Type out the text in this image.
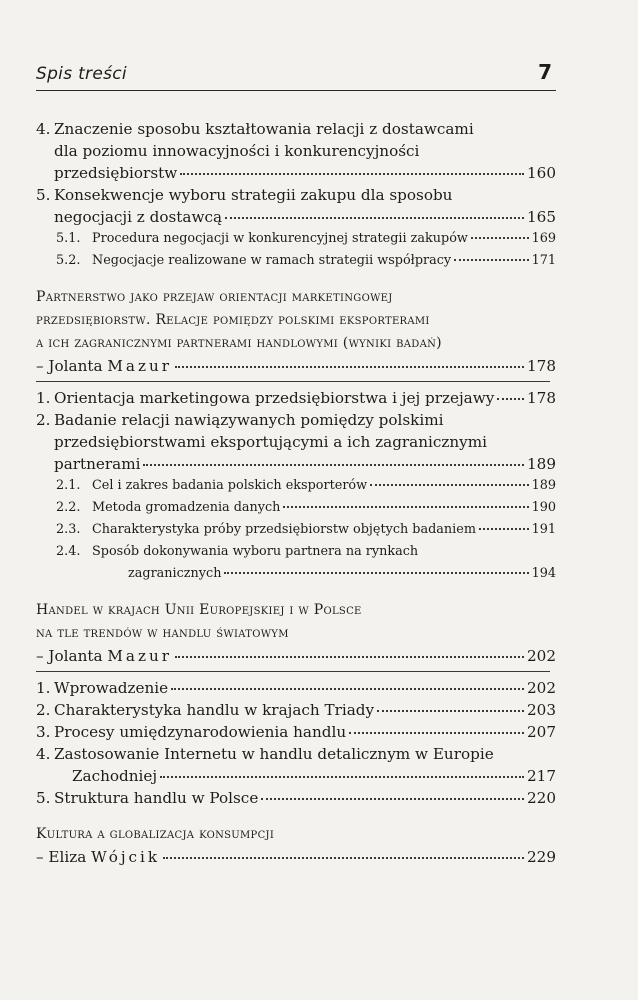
Spis treści	7
4. Znaczenie sposobu kształtowania relacji z dostawcami
dla poziomu innowacyjności i konkurencyjności
przedsiębiorstw	160
5. Konsekwencje wyboru strategii zakupu dla sposobu
negocjacji z dostawcą	165
5.1. Procedura negocjacji w konkurencyjnej strategii zakupów	169
5.2. Negocjacje realizowane w ramach strategii współpracy	171
Partnerstwo jako przejaw orientacji marketingowej
przedsiębiorstw. Relacje pomiędzy polskimi eksporterami
a ich zagranicznymi partnerami handlowymi (wyniki badań)
– Jolanta Mazur	178
1. Orientacja marketingowa przedsiębiorstwa i jej przejawy 178
2. Badanie relacji nawiązywanych pomiędzy polskimi
przedsiębiorstwami eksportującymi a ich zagranicznymi
partnerami	189
2.1. Cel i zakres badania polskich eksporterów	189
2.2. Metoda gromadzenia danych	190
2.3. Charakterystyka próby przedsiębiorstw objętych badaniem	191
2.4. Sposób dokonywania wyboru partnera na rynkach
zagranicznych	194
Handel w krajach Unii Europejskiej i w Polsce
na tle trendów w handlu światowym
– Jolanta Mazur	202
1. Wprowadzenie	202
2. Charakterystyka handlu w krajach Triady	203
3. Procesy umiędzynarodowienia handlu	207
4. Zastosowanie Internetu w handlu detalicznym w Europie
Zachodniej	217
5. Struktura handlu w Polsce	220
Kultura a globalizacja konsumpcji
– Eliza Wójcik	229
